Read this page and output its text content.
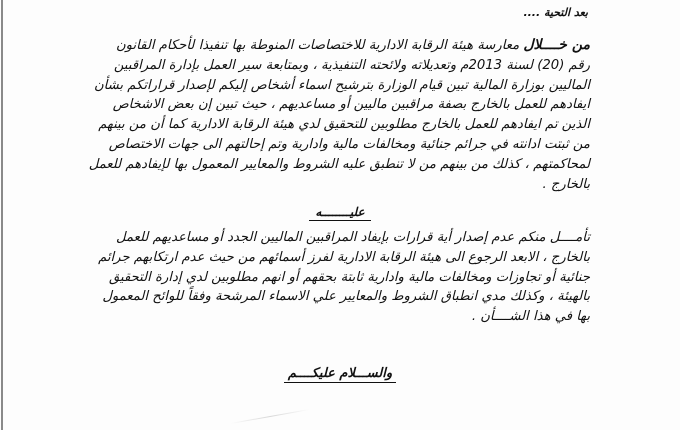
بعد التحية ....
من خــــلال معارسة هيئة الرقابة الادارية للاختصاصات المنوطة بها تنفيذا لأحكام القانون
رقم (20) لسنة 2013م وتعديلاته ولائحته التنفيذية ، وبمتابعة سير العمل بإدارة المراقبين
الماليين بوزارة المالية تبين قيام الوزارة بترشيح اسماء أشخاص إليكم لإصدار قراراتكم بشأن
ايفادهم للعمل بالخارج بصفة مراقبين ماليين أو مساعديهم ، حيث تبين إن بعض الاشخاص
الذين تم ايفادهم للعمل بالخارج مطلوبين للتحقيق لدي هيئة الرقابة الادارية كما أن من بينهم
من ثبتت ادانته في جرائم جنائية ومخالفات مالية وادارية وتم إحالتهم الى جهات الاختصاص
لمحاكمتهم ، كذلك من بينهم من لا تنطبق عليه الشروط والمعايير المعمول بها لإيفادهم للعمل
بالخارج .
عليــــــــه
تأمــــل منكم عدم إصدار أية قرارات بإيفاد المراقبين الماليين الجدد أو مساعديهم للعمل
بالخارج ، الابعد الرجوع الى هيئة الرقابة الادارية لفرز أسمائهم من حيث عدم ارتكابهم جرائم
جنائية أو تجاوزات ومخالفات مالية وادارية ثابتة بحقهم أو انهم مطلوبين لدي إدارة التحقيق
بالهيئة ، وكذلك مدي انطباق الشروط والمعايير علي الاسماء المرشحة وفقاً للوائح المعمول
بها في هذا الشــــأن .
والســـلام عليكــــم
